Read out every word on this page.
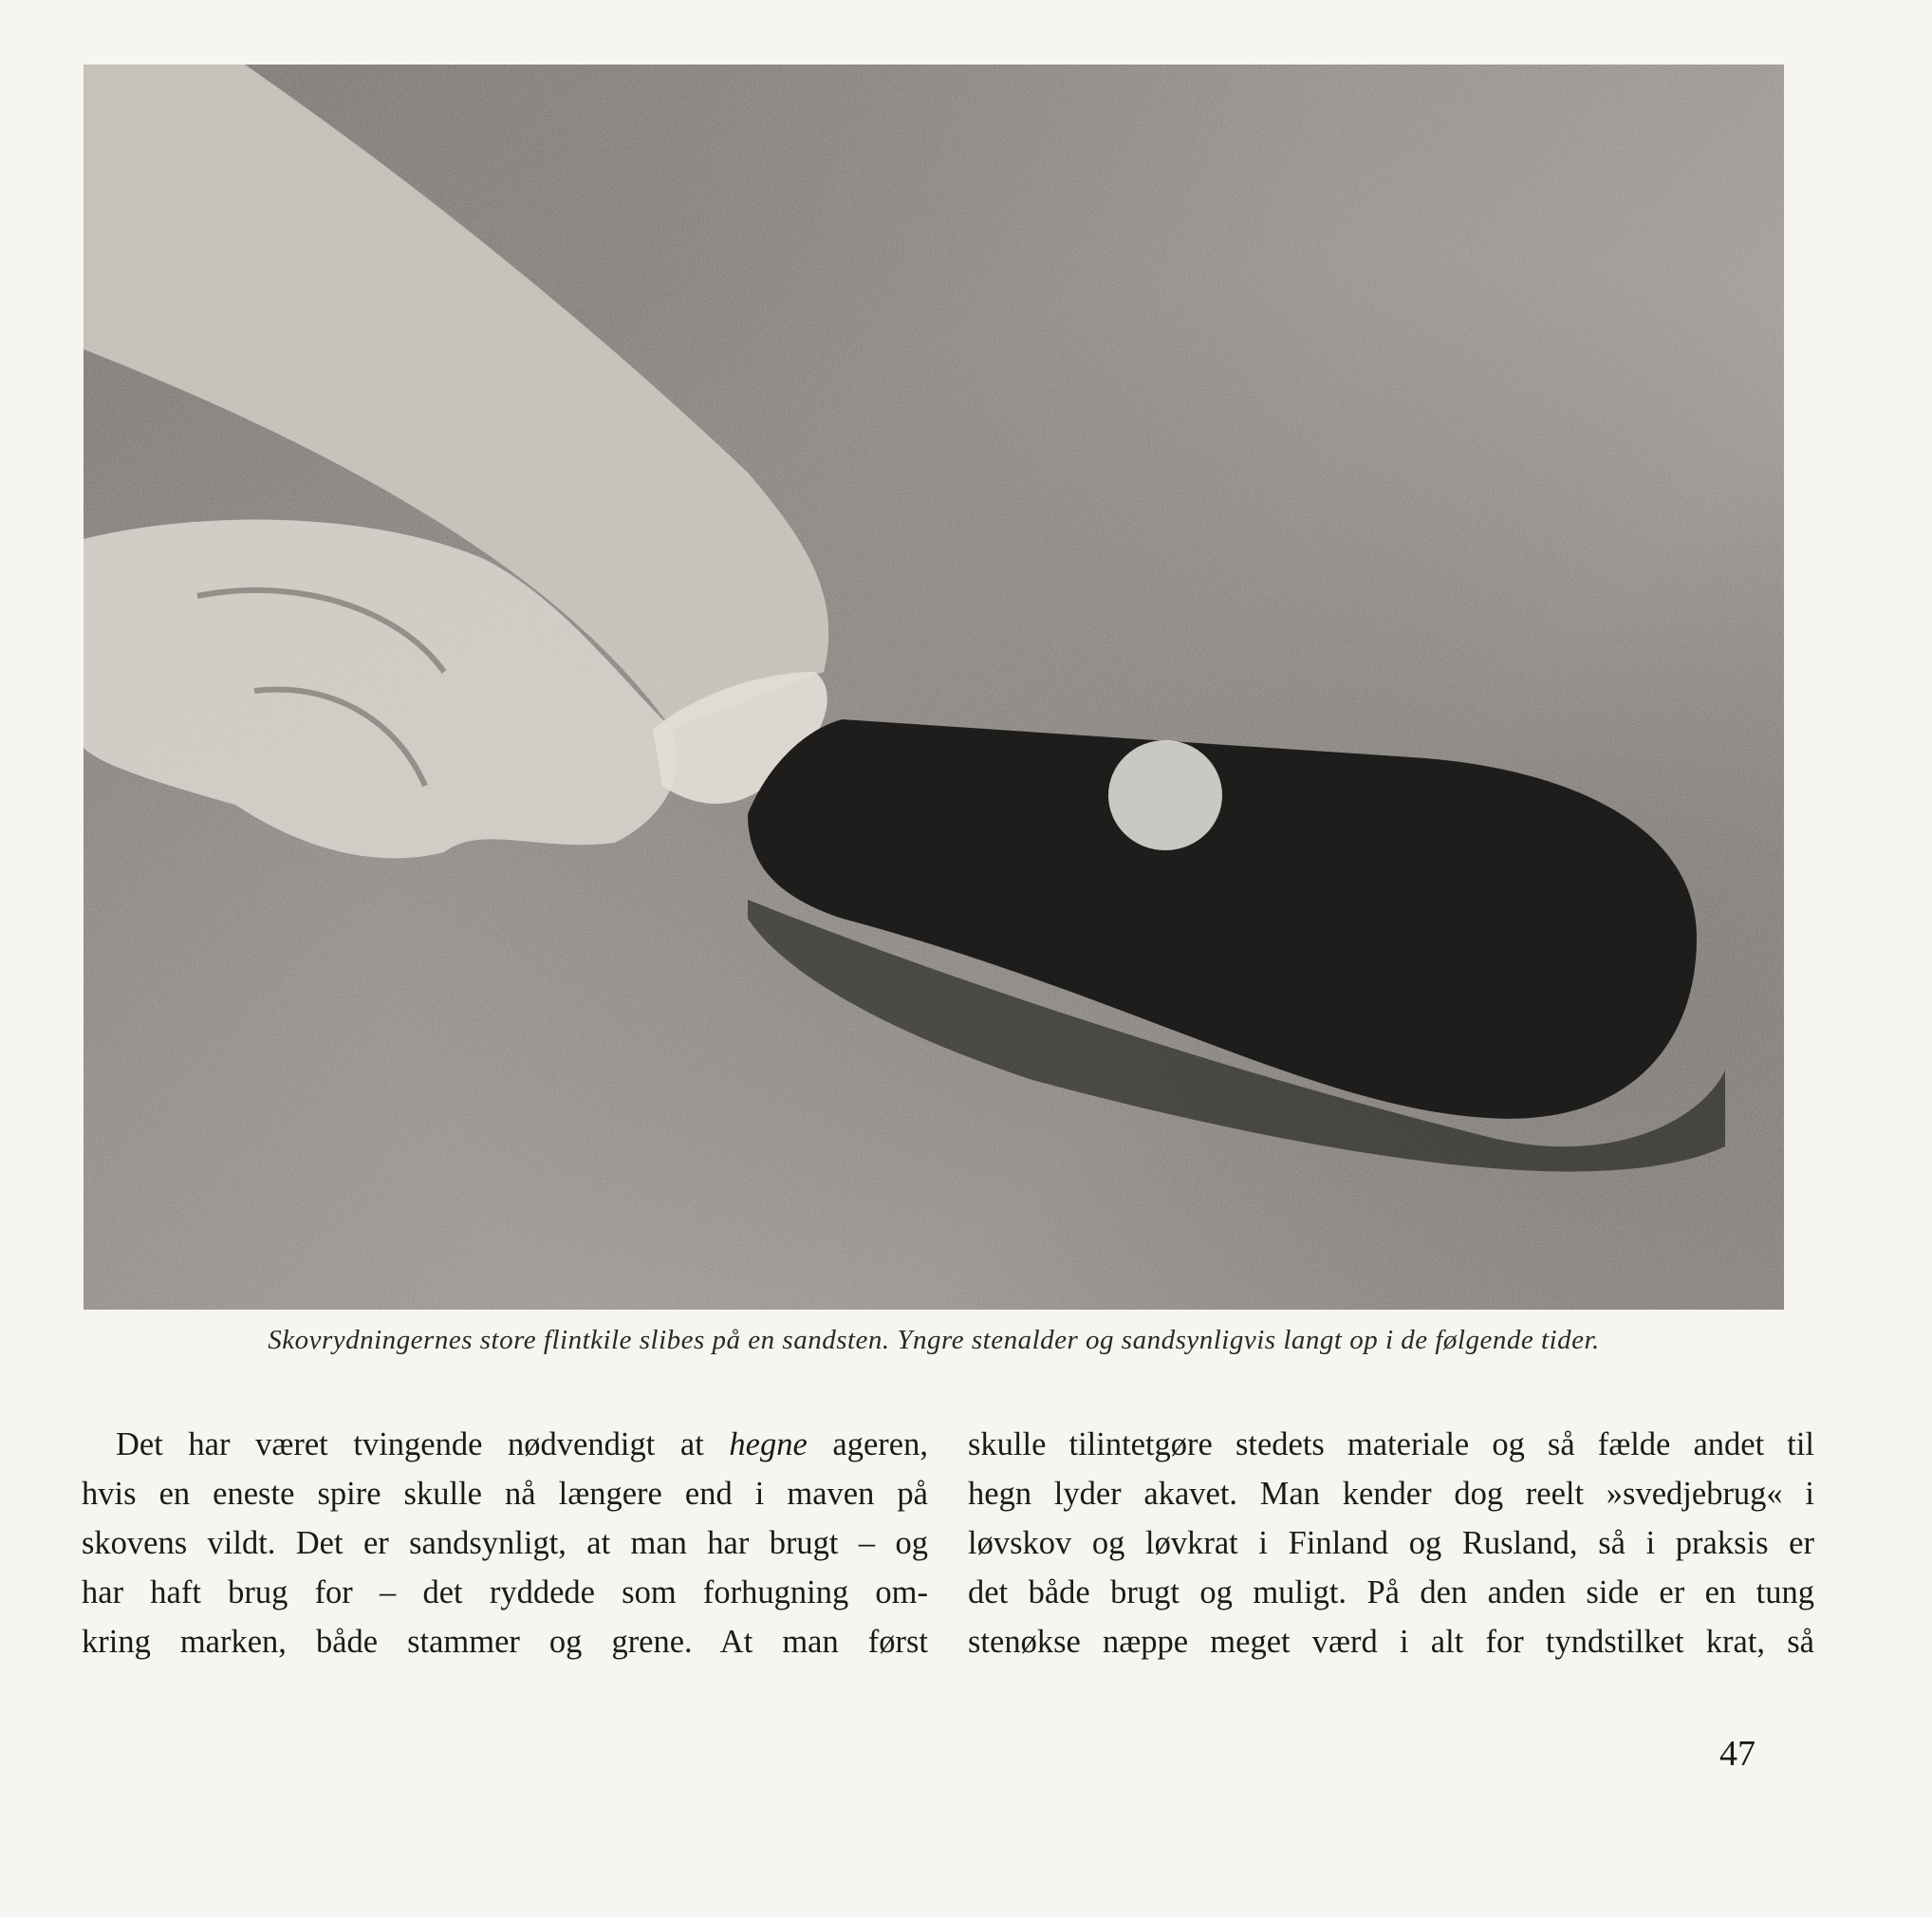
Skovrydningernes store flintkile slibes på en sandsten. Yngre stenalder og sandsynligvis langt op i de følgende tider.
Det har været tvingende nødvendigt at hegne ageren,
hvis en eneste spire skulle nå længere end i maven på
skovens vildt. Det er sandsynligt, at man har brugt – og
har haft brug for – det ryddede som forhugning om-
kring marken, både stammer og grene. At man først
skulle tilintetgøre stedets materiale og så fælde andet til
hegn lyder akavet. Man kender dog reelt »svedjebrug« i
løvskov og løvkrat i Finland og Rusland, så i praksis er
det både brugt og muligt. På den anden side er en tung
stenøkse næppe meget værd i alt for tyndstilket krat, så
47
